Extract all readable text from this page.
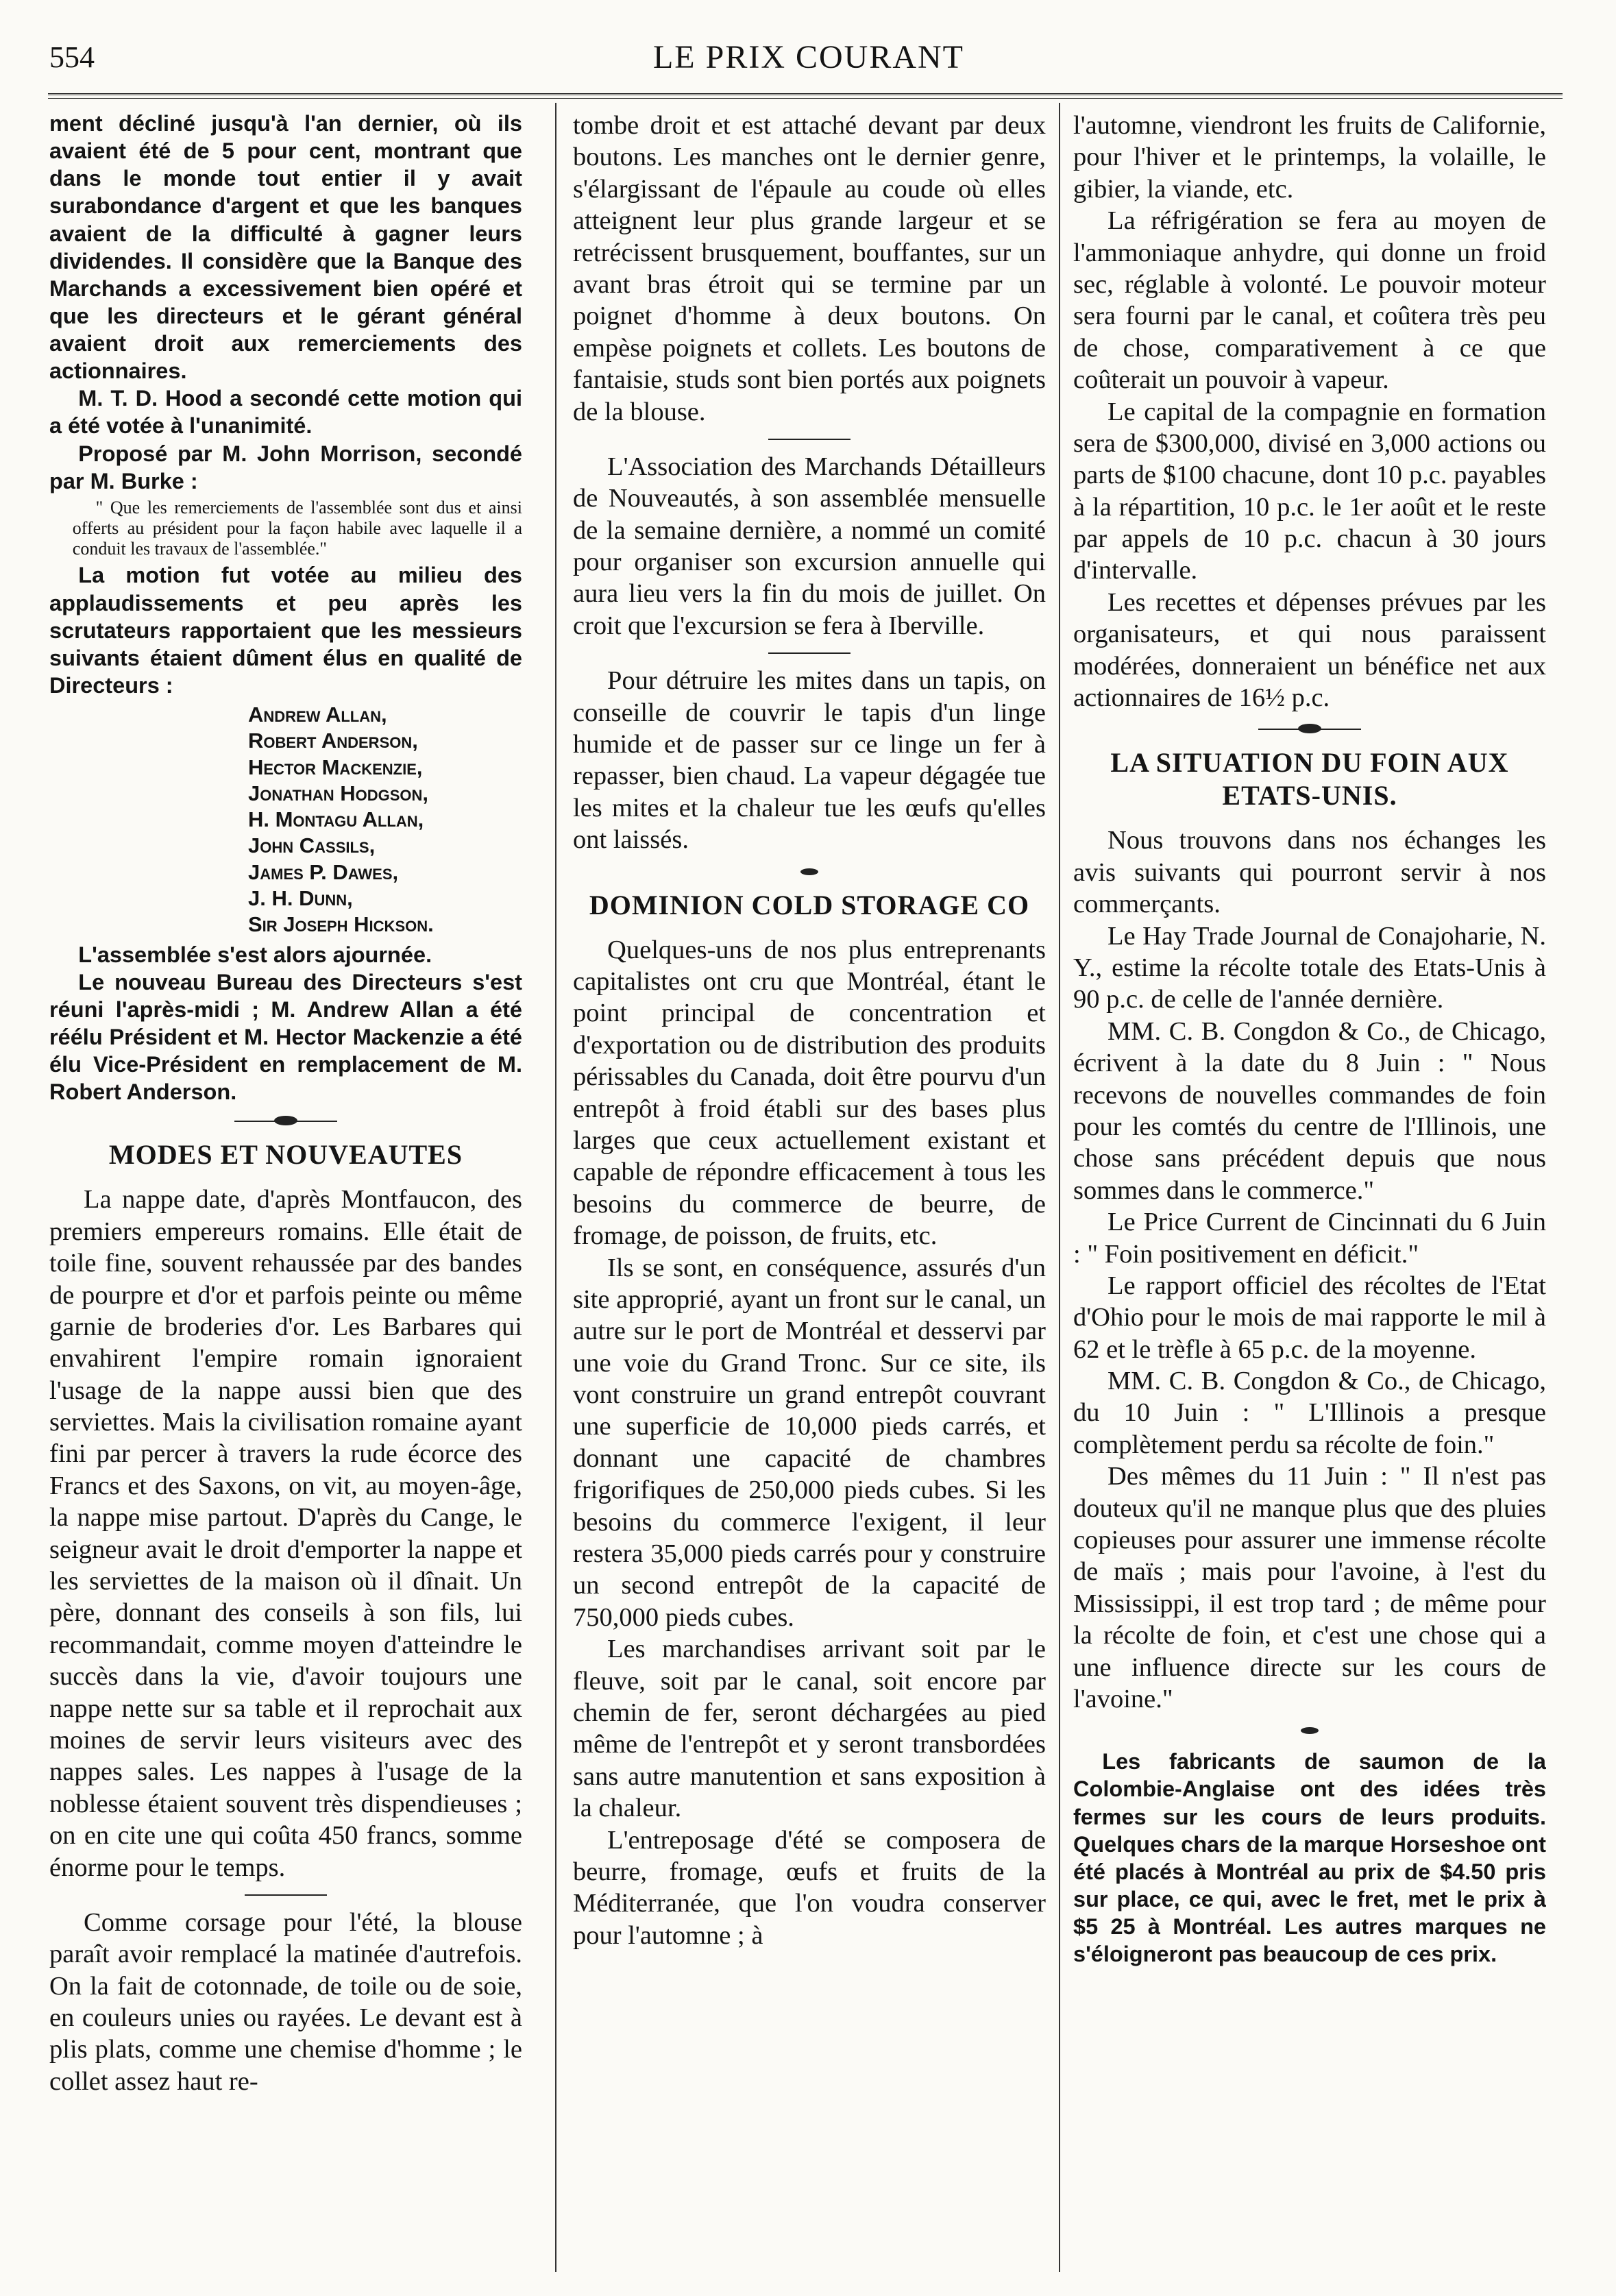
554	LE PRIX COURANT

ment décliné jusqu'à l'an dernier, où ils avaient été de 5 pour cent, montrant que dans le monde tout entier il y avait surabondance d'argent et que les banques avaient de la difficulté à gagner leurs dividendes. Il considère que la Banque des Marchands a excessivement bien opéré et que les directeurs et le gérant général avaient droit aux remerciements des actionnaires.

M. T. D. Hood a secondé cette motion qui a été votée à l'unanimité.

Proposé par M. John Morrison, secondé par M. Burke :

" Que les remerciements de l'assemblée sont dus et ainsi offerts au président pour la façon habile avec laquelle il a conduit les travaux de l'assemblée."

La motion fut votée au milieu des applaudissements et peu après les scrutateurs rapportaient que les messieurs suivants étaient dûment élus en qualité de Directeurs :

Andrew Allan,
Robert Anderson,
Hector Mackenzie,
Jonathan Hodgson,
H. Montagu Allan,
John Cassils,
James P. Dawes,
J. H. Dunn,
Sir Joseph Hickson.

L'assemblée s'est alors ajournée.

Le nouveau Bureau des Directeurs s'est réuni l'après-midi ; M. Andrew Allan a été réélu Président et M. Hector Mackenzie a été élu Vice-Président en remplacement de M. Robert Anderson.

MODES ET NOUVEAUTES

La nappe date, d'après Montfaucon, des premiers empereurs romains. Elle était de toile fine, souvent rehaussée par des bandes de pourpre et d'or et parfois peinte ou même garnie de broderies d'or. Les Barbares qui envahirent l'empire romain ignoraient l'usage de la nappe aussi bien que des serviettes. Mais la civilisation romaine ayant fini par percer à travers la rude écorce des Francs et des Saxons, on vit, au moyen-âge, la nappe mise partout. D'après du Cange, le seigneur avait le droit d'emporter la nappe et les serviettes de la maison où il dînait. Un père, donnant des conseils à son fils, lui recommandait, comme moyen d'atteindre le succès dans la vie, d'avoir toujours une nappe nette sur sa table et il reprochait aux moines de servir leurs visiteurs avec des nappes sales. Les nappes à l'usage de la noblesse étaient souvent très dispendieuses ; on en cite une qui coûta 450 francs, somme énorme pour le temps.

Comme corsage pour l'été, la blouse paraît avoir remplacé la matinée d'autrefois. On la fait de cotonnade, de toile ou de soie, en couleurs unies ou rayées. Le devant est à plis plats, comme une chemise d'homme ; le collet assez haut re-

tombe droit et est attaché devant par deux boutons. Les manches ont le dernier genre, s'élargissant de l'épaule au coude où elles atteignent leur plus grande largeur et se retrécissent brusquement, bouffantes, sur un avant bras étroit qui se termine par un poignet d'homme à deux boutons. On empèse poignets et collets. Les boutons de fantaisie, studs sont bien portés aux poignets de la blouse.

L'Association des Marchands Détailleurs de Nouveautés, à son assemblée mensuelle de la semaine dernière, a nommé un comité pour organiser son excursion annuelle qui aura lieu vers la fin du mois de juillet. On croit que l'excursion se fera à Iberville.

Pour détruire les mites dans un tapis, on conseille de couvrir le tapis d'un linge humide et de passer sur ce linge un fer à repasser, bien chaud. La vapeur dégagée tue les mites et la chaleur tue les œufs qu'elles ont laissés.

DOMINION COLD STORAGE CO

Quelques-uns de nos plus entreprenants capitalistes ont cru que Montréal, étant le point principal de concentration et d'exportation ou de distribution des produits périssables du Canada, doit être pourvu d'un entrepôt à froid établi sur des bases plus larges que ceux actuellement existant et capable de répondre efficacement à tous les besoins du commerce de beurre, de fromage, de poisson, de fruits, etc.

Ils se sont, en conséquence, assurés d'un site approprié, ayant un front sur le canal, un autre sur le port de Montréal et desservi par une voie du Grand Tronc. Sur ce site, ils vont construire un grand entrepôt couvrant une superficie de 10,000 pieds carrés, et donnant une capacité de chambres frigorifiques de 250,000 pieds cubes. Si les besoins du commerce l'exigent, il leur restera 35,000 pieds carrés pour y construire un second entrepôt de la capacité de 750,000 pieds cubes.

Les marchandises arrivant soit par le fleuve, soit par le canal, soit encore par chemin de fer, seront déchargées au pied même de l'entrepôt et y seront transbordées sans autre manutention et sans exposition à la chaleur.

L'entreposage d'été se composera de beurre, fromage, œufs et fruits de la Méditerranée, que l'on voudra conserver pour l'automne ; à

l'automne, viendront les fruits de Californie, pour l'hiver et le printemps, la volaille, le gibier, la viande, etc.

La réfrigération se fera au moyen de l'ammoniaque anhydre, qui donne un froid sec, réglable à volonté. Le pouvoir moteur sera fourni par le canal, et coûtera très peu de chose, comparativement à ce que coûterait un pouvoir à vapeur.

Le capital de la compagnie en formation sera de $300,000, divisé en 3,000 actions ou parts de $100 chacune, dont 10 p.c. payables à la répartition, 10 p.c. le 1er août et le reste par appels de 10 p.c. chacun à 30 jours d'intervalle.

Les recettes et dépenses prévues par les organisateurs, et qui nous paraissent modérées, donneraient un bénéfice net aux actionnaires de 16½ p.c.

LA SITUATION DU FOIN AUX ETATS-UNIS.

Nous trouvons dans nos échanges les avis suivants qui pourront servir à nos commerçants.

Le Hay Trade Journal de Conajoharie, N. Y., estime la récolte totale des Etats-Unis à 90 p.c. de celle de l'année dernière.

MM. C. B. Congdon & Co., de Chicago, écrivent à la date du 8 Juin : " Nous recevons de nouvelles commandes de foin pour les comtés du centre de l'Illinois, une chose sans précédent depuis que nous sommes dans le commerce."

Le Price Current de Cincinnati du 6 Juin : " Foin positivement en déficit."

Le rapport officiel des récoltes de l'Etat d'Ohio pour le mois de mai rapporte le mil à 62 et le trèfle à 65 p.c. de la moyenne.

MM. C. B. Congdon & Co., de Chicago, du 10 Juin : " L'Illinois a presque complètement perdu sa récolte de foin."

Des mêmes du 11 Juin : " Il n'est pas douteux qu'il ne manque plus que des pluies copieuses pour assurer une immense récolte de maïs ; mais pour l'avoine, à l'est du Mississippi, il est trop tard ; de même pour la récolte de foin, et c'est une chose qui a une influence directe sur les cours de l'avoine."

Les fabricants de saumon de la Colombie-Anglaise ont des idées très fermes sur les cours de leurs produits. Quelques chars de la marque Horseshoe ont été placés à Montréal au prix de $4.50 pris sur place, ce qui, avec le fret, met le prix à $5 25 à Montréal. Les autres marques ne s'éloigneront pas beaucoup de ces prix.
